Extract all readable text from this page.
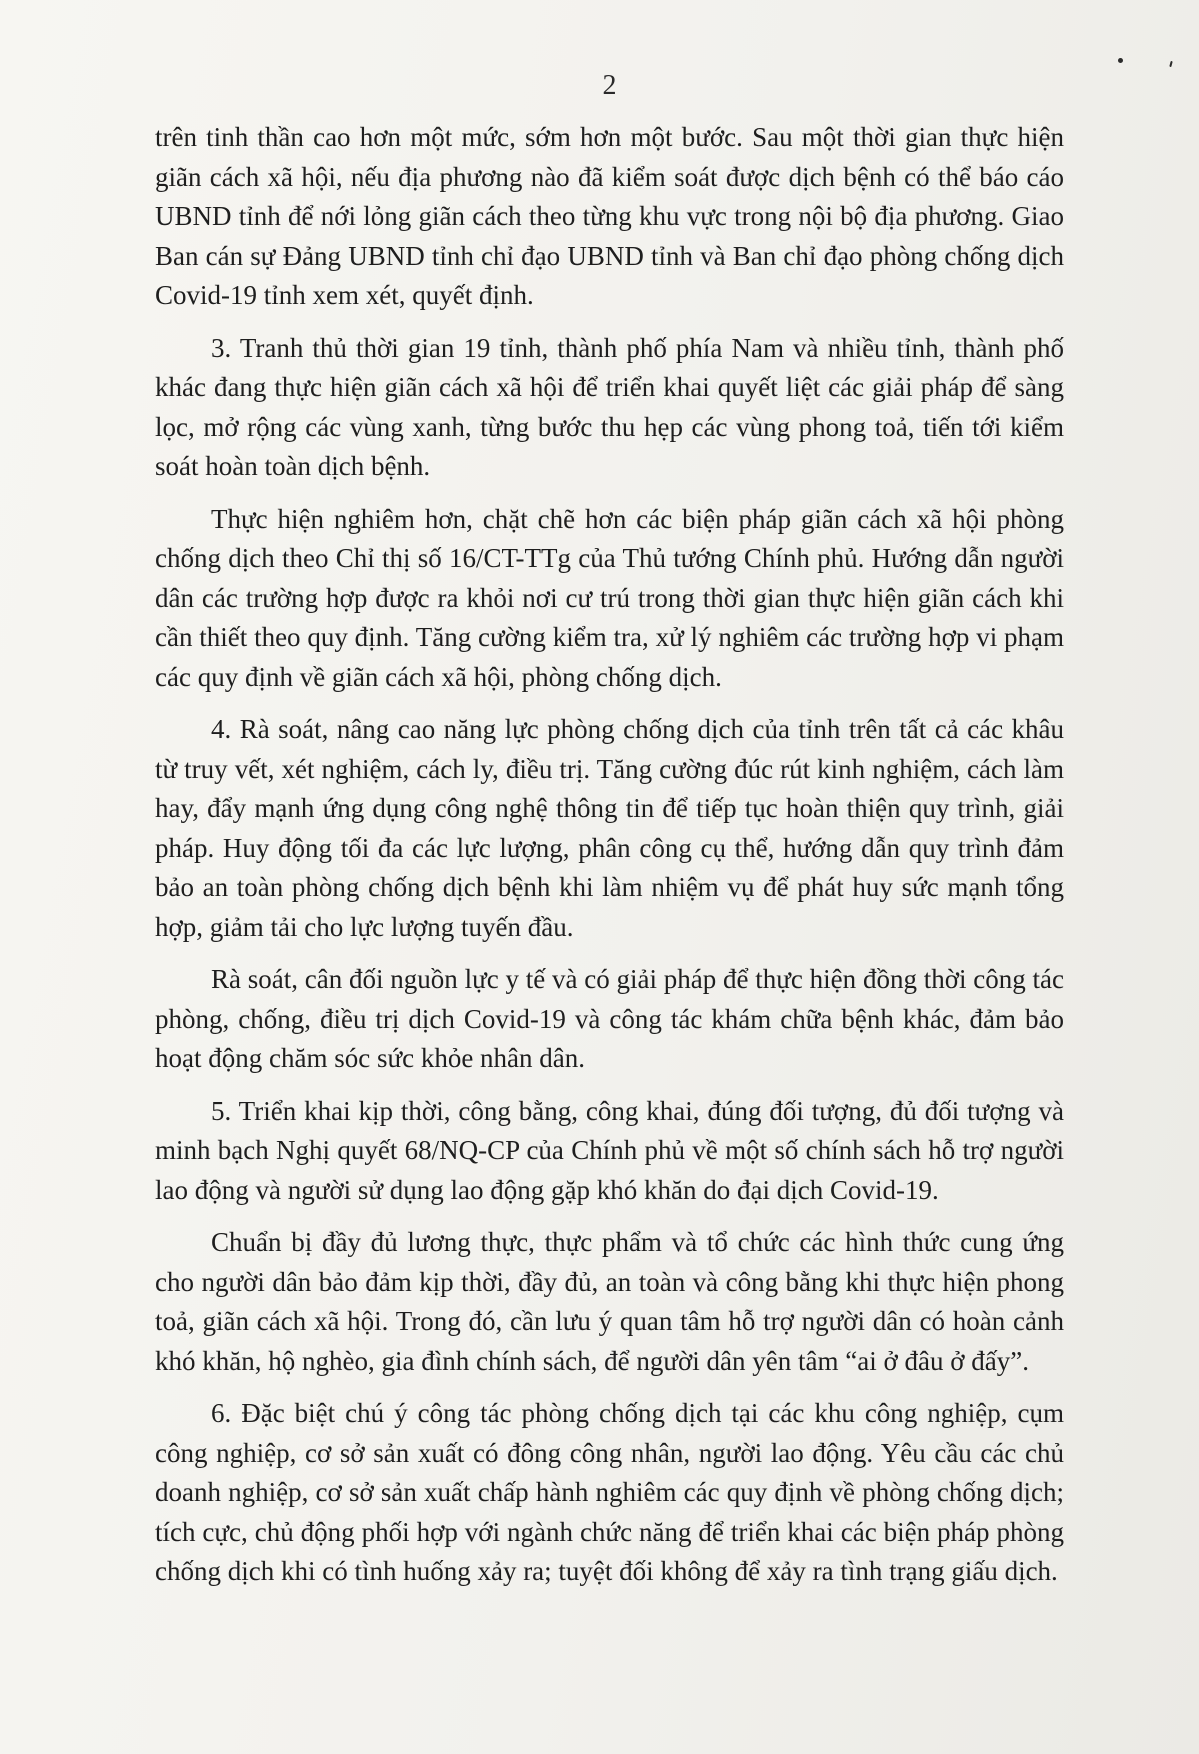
2

trên tinh thần cao hơn một mức, sớm hơn một bước. Sau một thời gian thực hiện giãn cách xã hội, nếu địa phương nào đã kiểm soát được dịch bệnh có thể báo cáo UBND tỉnh để nới lỏng giãn cách theo từng khu vực trong nội bộ địa phương. Giao Ban cán sự Đảng UBND tỉnh chỉ đạo UBND tỉnh và Ban chỉ đạo phòng chống dịch Covid-19 tỉnh xem xét, quyết định.

3. Tranh thủ thời gian 19 tỉnh, thành phố phía Nam và nhiều tỉnh, thành phố khác đang thực hiện giãn cách xã hội để triển khai quyết liệt các giải pháp để sàng lọc, mở rộng các vùng xanh, từng bước thu hẹp các vùng phong toả, tiến tới kiểm soát hoàn toàn dịch bệnh.

Thực hiện nghiêm hơn, chặt chẽ hơn các biện pháp giãn cách xã hội phòng chống dịch theo Chỉ thị số 16/CT-TTg của Thủ tướng Chính phủ. Hướng dẫn người dân các trường hợp được ra khỏi nơi cư trú trong thời gian thực hiện giãn cách khi cần thiết theo quy định. Tăng cường kiểm tra, xử lý nghiêm các trường hợp vi phạm các quy định về giãn cách xã hội, phòng chống dịch.

4. Rà soát, nâng cao năng lực phòng chống dịch của tỉnh trên tất cả các khâu từ truy vết, xét nghiệm, cách ly, điều trị. Tăng cường đúc rút kinh nghiệm, cách làm hay, đẩy mạnh ứng dụng công nghệ thông tin để tiếp tục hoàn thiện quy trình, giải pháp. Huy động tối đa các lực lượng, phân công cụ thể, hướng dẫn quy trình đảm bảo an toàn phòng chống dịch bệnh khi làm nhiệm vụ để phát huy sức mạnh tổng hợp, giảm tải cho lực lượng tuyến đầu.

Rà soát, cân đối nguồn lực y tế và có giải pháp để thực hiện đồng thời công tác phòng, chống, điều trị dịch Covid-19 và công tác khám chữa bệnh khác, đảm bảo hoạt động chăm sóc sức khỏe nhân dân.

5. Triển khai kịp thời, công bằng, công khai, đúng đối tượng, đủ đối tượng và minh bạch Nghị quyết 68/NQ-CP của Chính phủ về một số chính sách hỗ trợ người lao động và người sử dụng lao động gặp khó khăn do đại dịch Covid-19.

Chuẩn bị đầy đủ lương thực, thực phẩm và tổ chức các hình thức cung ứng cho người dân bảo đảm kịp thời, đầy đủ, an toàn và công bằng khi thực hiện phong toả, giãn cách xã hội. Trong đó, cần lưu ý quan tâm hỗ trợ người dân có hoàn cảnh khó khăn, hộ nghèo, gia đình chính sách, để người dân yên tâm “ai ở đâu ở đấy”.

6. Đặc biệt chú ý công tác phòng chống dịch tại các khu công nghiệp, cụm công nghiệp, cơ sở sản xuất có đông công nhân, người lao động. Yêu cầu các chủ doanh nghiệp, cơ sở sản xuất chấp hành nghiêm các quy định về phòng chống dịch; tích cực, chủ động phối hợp với ngành chức năng để triển khai các biện pháp phòng chống dịch khi có tình huống xảy ra; tuyệt đối không để xảy ra tình trạng giấu dịch.
